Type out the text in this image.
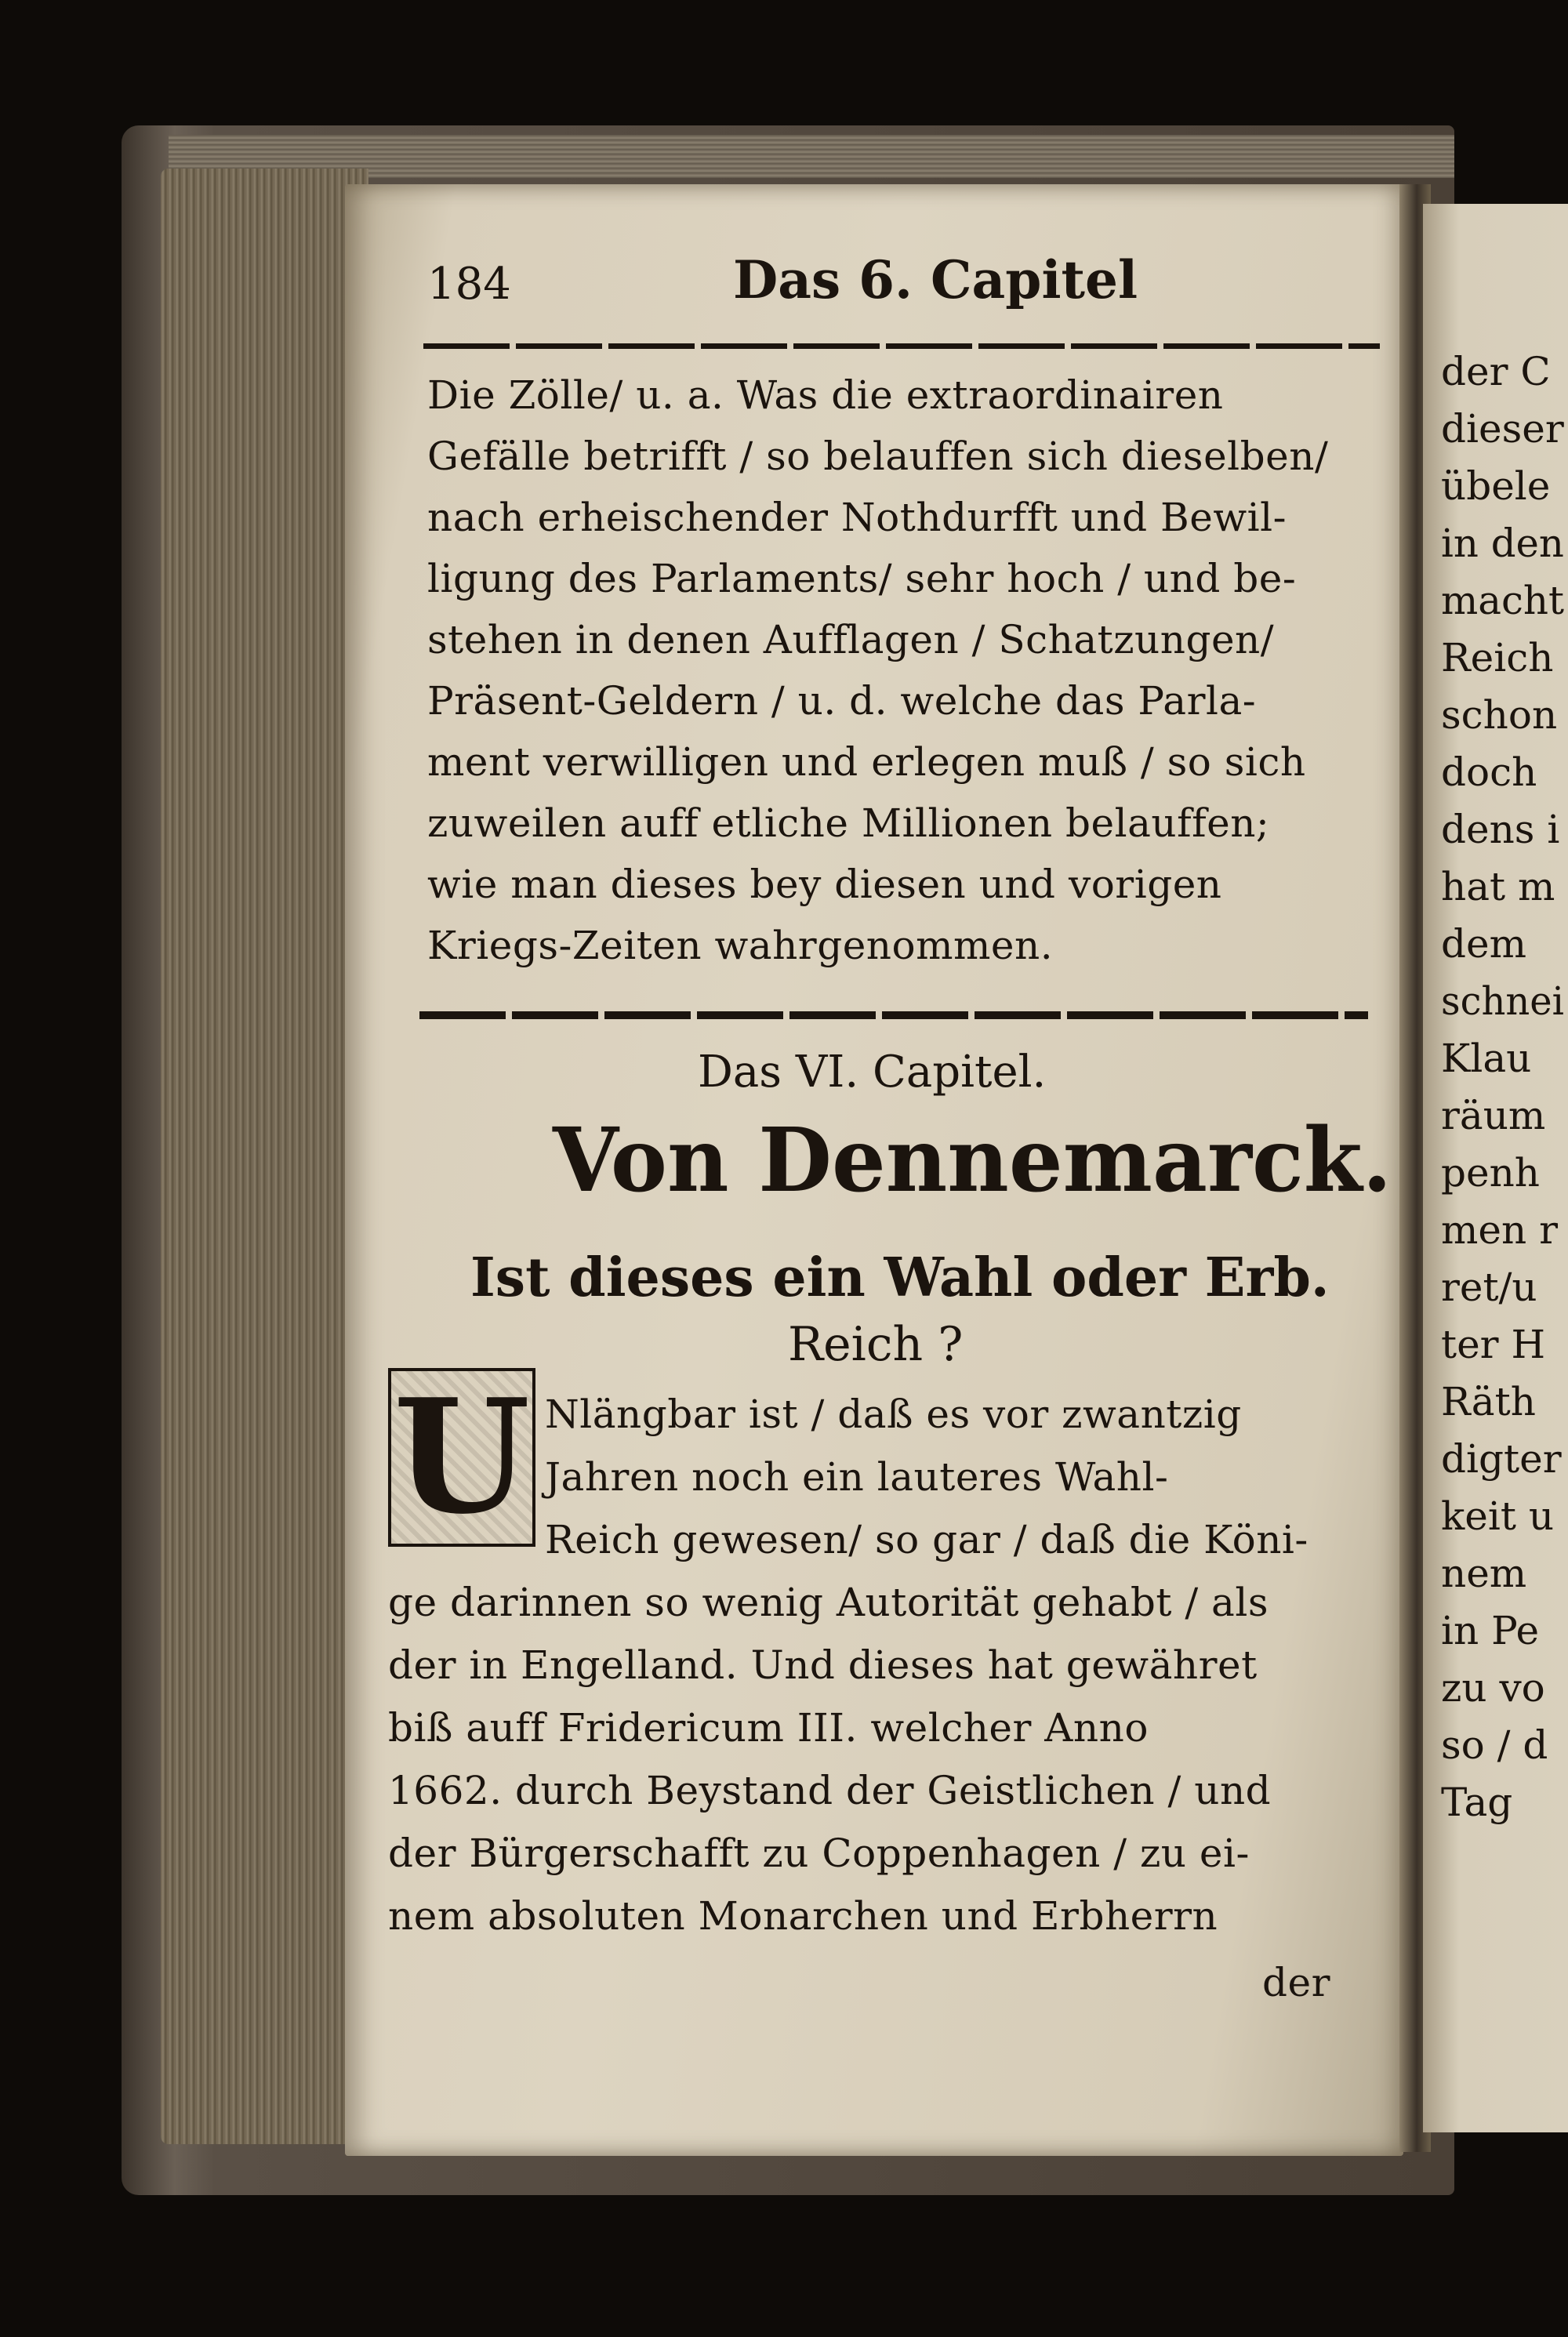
184	Das 6. Capitel
Die Zölle/ u. a. Was die extraordinairen
Gefälle betrifft / so belauffen sich dieselben/
nach erheischender Nothdurfft und Bewil-
ligung des Parlaments/ sehr hoch / und be-
stehen in denen Aufflagen / Schatzungen/
Präsent-Geldern / u. d. welche das Parla-
ment verwilligen und erlegen muß / so sich
zuweilen auff etliche Millionen belauffen;
wie man dieses bey diesen und vorigen
Kriegs-Zeiten wahrgenommen.
Das VI. Capitel.
Von Dennemarck.
Ist dieses ein Wahl oder Erb.
Reich ?
U Nlängbar ist / daß es vor zwantzig
Jahren noch ein lauteres Wahl-
Reich gewesen/ so gar / daß die Köni-
ge darinnen so wenig Autorität gehabt / als
der in Engelland. Und dieses hat gewähret
biß auff Fridericum III. welcher Anno
1662. durch Beystand der Geistlichen / und
der Bürgerschafft zu Coppenhagen / zu ei-
nem absoluten Monarchen und Erbherrn
der
der C
dieser
übele
in den
macht
Reich
schon
doch
dens i
hat m
dem
schnei
Klau
räum
penh
men r
ret/u
ter H
Räth
digter
keit u
nem
in Pe
zu vo
so / d
Tag
